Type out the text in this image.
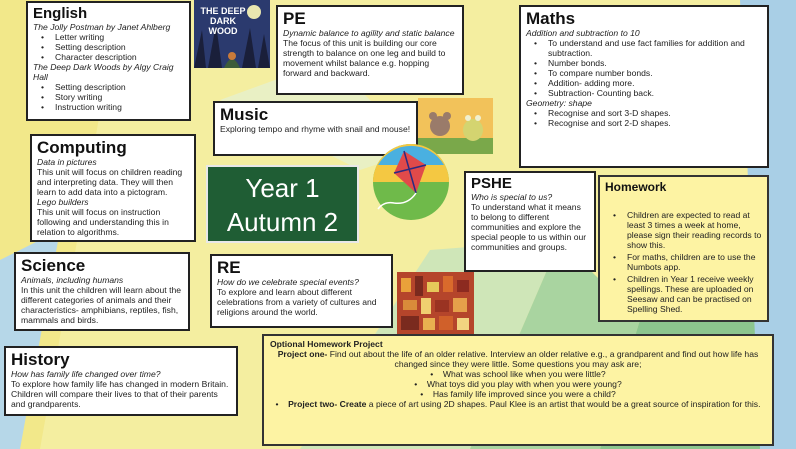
English
The Jolly Postman by Janet Ahlberg
• Letter writing
• Setting description
• Character description
The Deep Dark Woods by Algy Craig Hall
• Setting description
• Story writing
• Instruction writing
THE DEEP DARK WOOD
PE
Dynamic balance to agility and static balance
The focus of this unit is building our core strength to balance on one leg and build to movement whilst balance e.g. hopping forward and backward.
Maths
Addition and subtraction to 10
• To understand and use fact families for addition and subtraction.
• Number bonds.
• To compare number bonds.
• Addition- adding more.
• Subtraction- Counting back.
Geometry: shape
• Recognise and sort 3-D shapes.
• Recognise and sort 2-D shapes.
Music
Exploring tempo and rhyme with snail and mouse!
Computing
Data in pictures
This unit will focus on children reading and interpreting data. They will then learn to add data into a pictogram.
Lego builders
This unit will focus on instruction following and understanding this in relation to algorithms.
Year 1
Autumn 2
PSHE
Who is special to us?
To understand what it means to belong to different communities and explore the special people to us within our communities and groups.
Homework
• Children are expected to read at least 3 times a week at home, please sign their reading records to show this.
• For maths, children are to use the Numbots app.
• Children in Year 1 receive weekly spellings. These are uploaded on Seesaw and can be practised on Spelling Shed.
Science
Animals, including humans
In this unit the children will learn about the different categories of animals and their characteristics- amphibians, reptiles, fish, mammals and birds.
RE
How do we celebrate special events?
To explore and learn about different celebrations from a variety of cultures and religions around the world.
History
How has family life changed over time?
To explore how family life has changed in modern Britain. Children will compare their lives to that of their parents and grandparents.
Optional Homework Project
Project one- Find out about the life of an older relative. Interview an older relative e.g., a grandparent and find out how life has changed since they were little. Some questions you may ask are;
•    What was school like when you were little?
•    What toys did you play with when you were young?
•    Has family life improved since you were a child?
•    Project two- Create a piece of art using 2D shapes. Paul Klee is an artist that would be a great source of inspiration for this.
